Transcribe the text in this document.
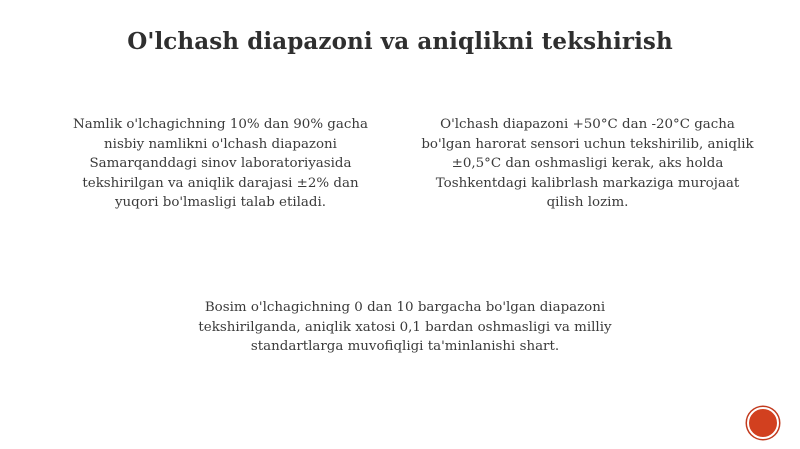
O'lchash diapazoni va aniqlikni tekshirish
Namlik o'lchagichning 10% dan 90% gacha
nisbiy namlikni o'lchash diapazoni
Samarqanddagi sinov laboratoriyasida
tekshirilgan va aniqlik darajasi ±2% dan
yuqori bo'lmasligi talab etiladi.
O'lchash diapazoni +50°C dan -20°C gacha
bo'lgan harorat sensori uchun tekshirilib, aniqlik
±0,5°C dan oshmasligi kerak, aks holda
Toshkentdagi kalibrlash markaziga murojaat
qilish lozim.
Bosim o'lchagichning 0 dan 10 bargacha bo'lgan diapazoni
tekshirilganda, aniqlik xatosi 0,1 bardan oshmasligi va milliy
standartlarga muvofiqligi ta'minlanishi shart.
